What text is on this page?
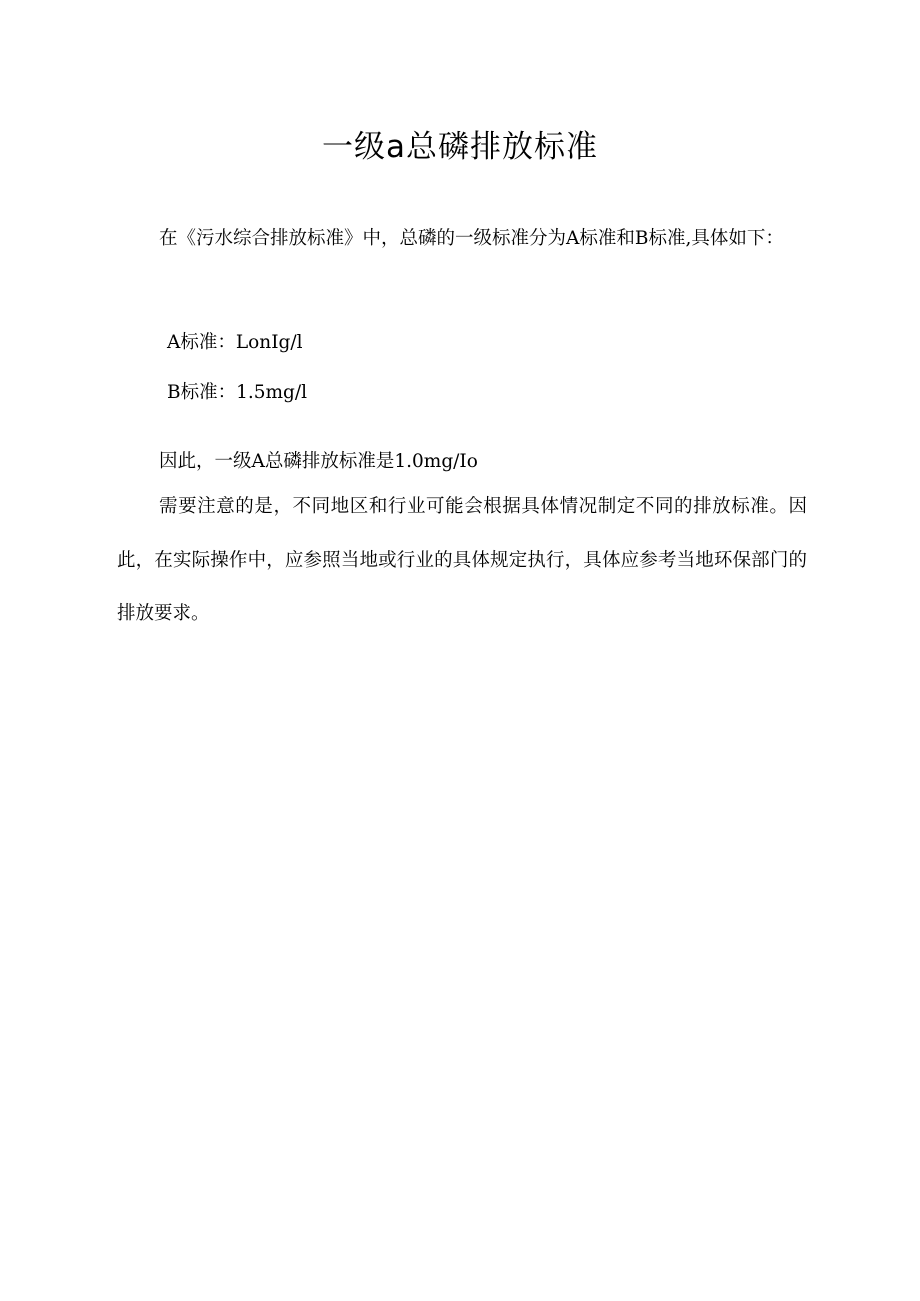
一级a总磷排放标准

在《污水综合排放标准》中，总磷的一级标准分为A标准和B标准,具体如下：

A标准：LonIg/l

B标准：1.5mg/l

因此，一级A总磷排放标准是1.0mg/Io

需要注意的是，不同地区和行业可能会根据具体情况制定不同的排放标准。因此，在实际操作中，应参照当地或行业的具体规定执行，具体应参考当地环保部门的排放要求。
